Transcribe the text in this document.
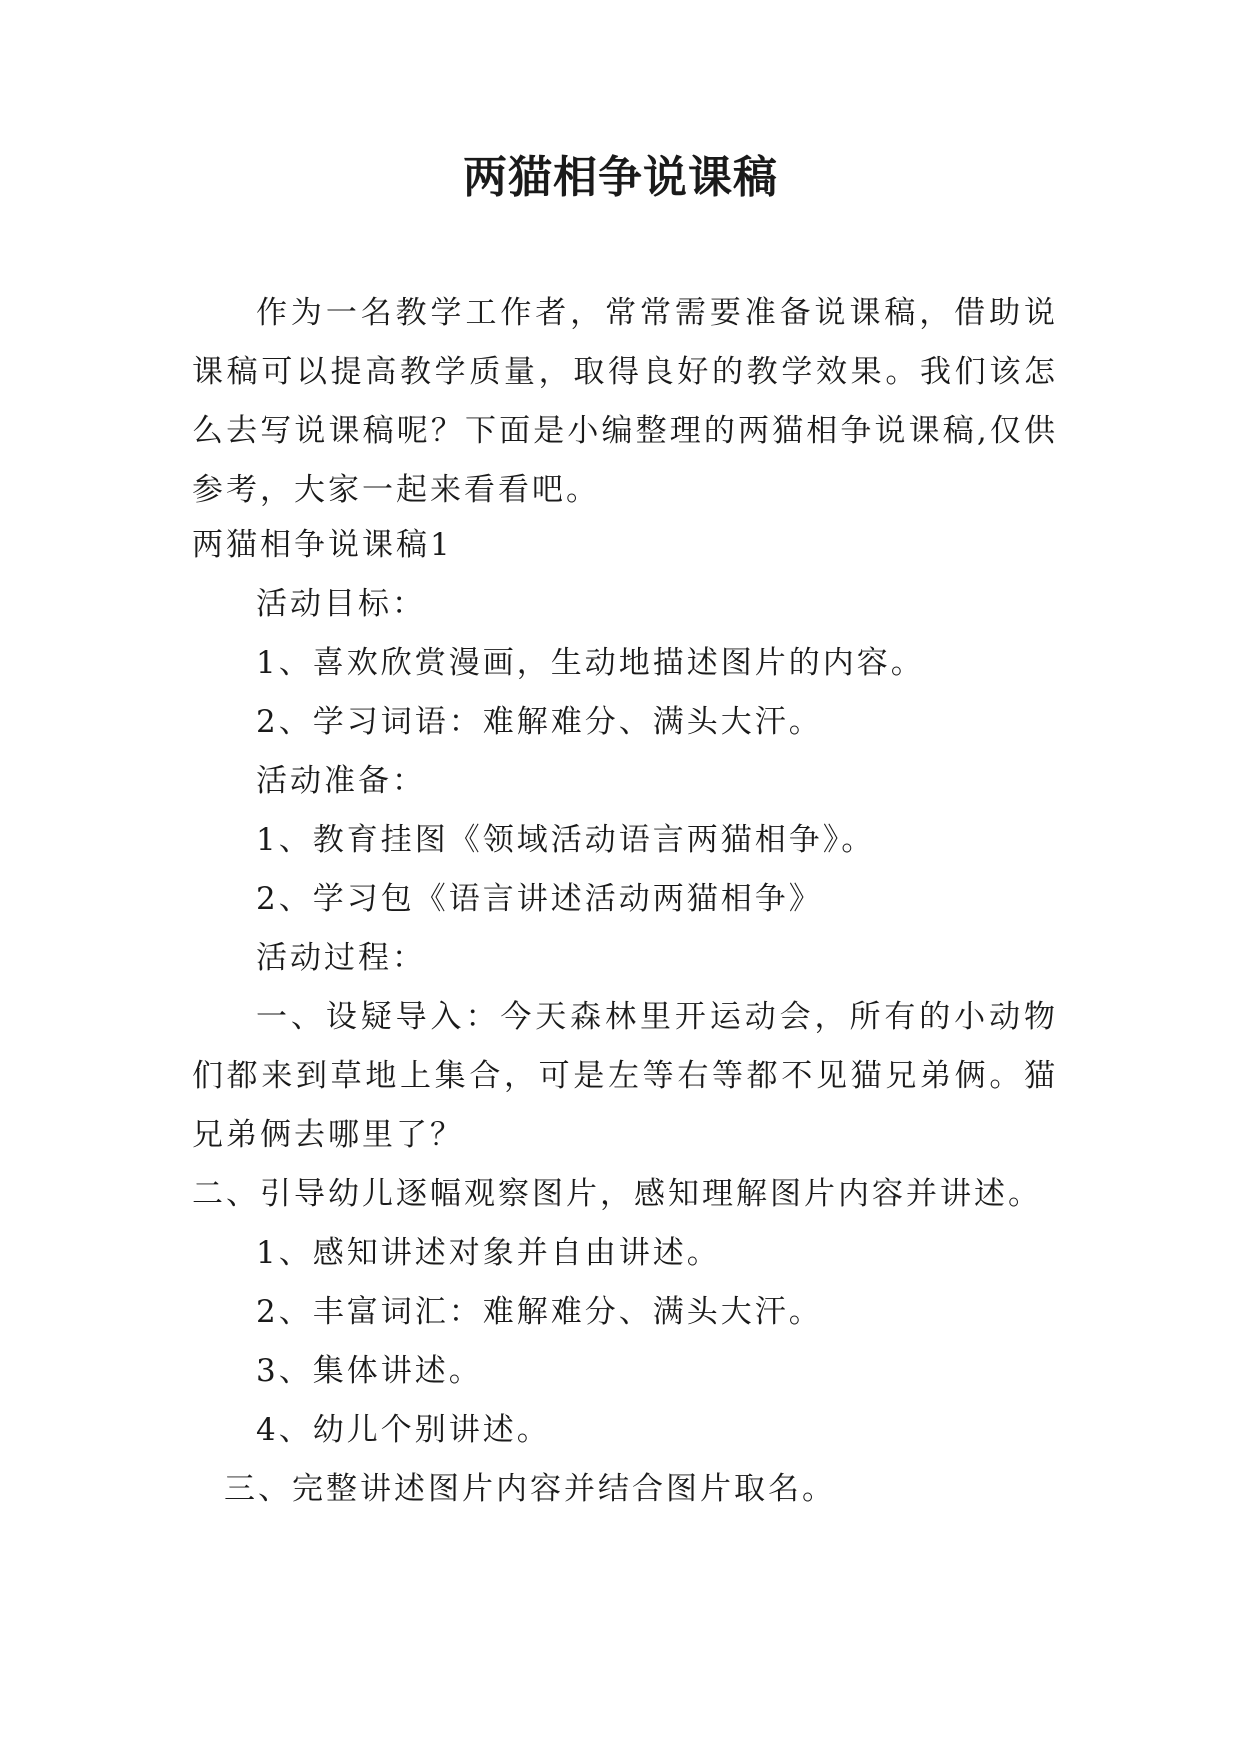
两猫相争说课稿
作为一名教学工作者，常常需要准备说课稿，借助说课稿可以提高教学质量，取得良好的教学效果。我们该怎么去写说课稿呢？下面是小编整理的两猫相争说课稿,仅供参考，大家一起来看看吧。
两猫相争说课稿1
活动目标：
1、喜欢欣赏漫画，生动地描述图片的内容。
2、学习词语：难解难分、满头大汗。
活动准备：
1、教育挂图《领域活动语言两猫相争》。
2、学习包《语言讲述活动两猫相争》
活动过程：
一、设疑导入：今天森林里开运动会，所有的小动物们都来到草地上集合，可是左等右等都不见猫兄弟俩。猫兄弟俩去哪里了？
二、引导幼儿逐幅观察图片，感知理解图片内容并讲述。
1、感知讲述对象并自由讲述。
2、丰富词汇：难解难分、满头大汗。
3、集体讲述。
4、幼儿个别讲述。
三、完整讲述图片内容并结合图片取名。
